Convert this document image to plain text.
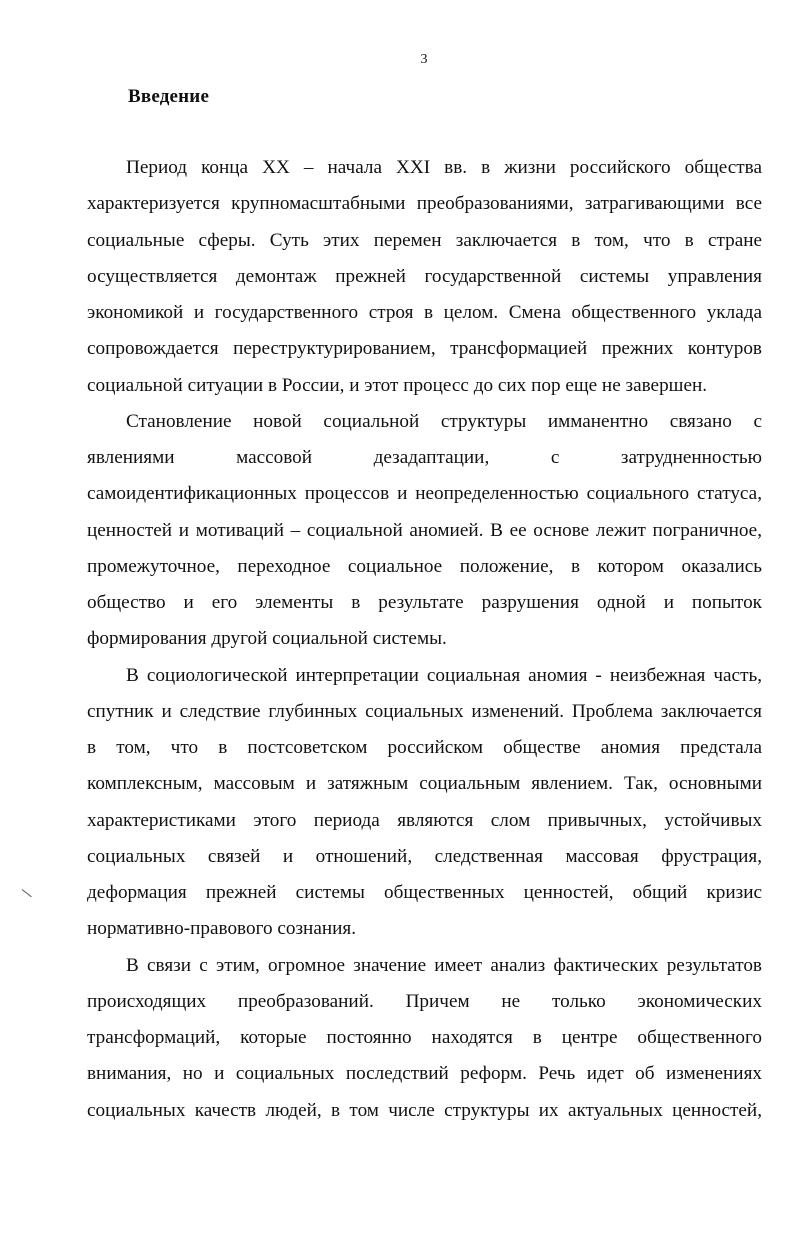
3
Введение
Период конца XX – начала XXI вв. в жизни российского общества
характеризуется крупномасштабными преобразованиями, затрагивающими все
социальные сферы. Суть этих перемен заключается в том, что в стране
осуществляется демонтаж прежней государственной системы управления
экономикой и государственного строя в целом. Смена общественного уклада
сопровождается переструктурированием, трансформацией прежних контуров
социальной ситуации в России, и этот процесс до сих пор еще не завершен.
Становление новой социальной структуры имманентно связано с
явлениями массовой дезадаптации, с затрудненностью
самоидентификационных процессов и неопределенностью социального статуса,
ценностей и мотиваций – социальной аномией. В ее основе лежит пограничное,
промежуточное, переходное социальное положение, в котором оказались
общество и его элементы в результате разрушения одной и попыток
формирования другой социальной системы.
В социологической интерпретации социальная аномия - неизбежная часть,
спутник и следствие глубинных социальных изменений. Проблема заключается
в том, что в постсоветском российском обществе аномия предстала
комплексным, массовым и затяжным социальным явлением. Так, основными
характеристиками этого периода являются слом привычных, устойчивых
социальных связей и отношений, следственная массовая фрустрация,
деформация прежней системы общественных ценностей, общий кризис
нормативно-правового сознания.
В связи с этим, огромное значение имеет анализ фактических результатов
происходящих преобразований. Причем не только экономических
трансформаций, которые постоянно находятся в центре общественного
внимания, но и социальных последствий реформ. Речь идет об изменениях
социальных качеств людей, в том числе структуры их актуальных ценностей,
